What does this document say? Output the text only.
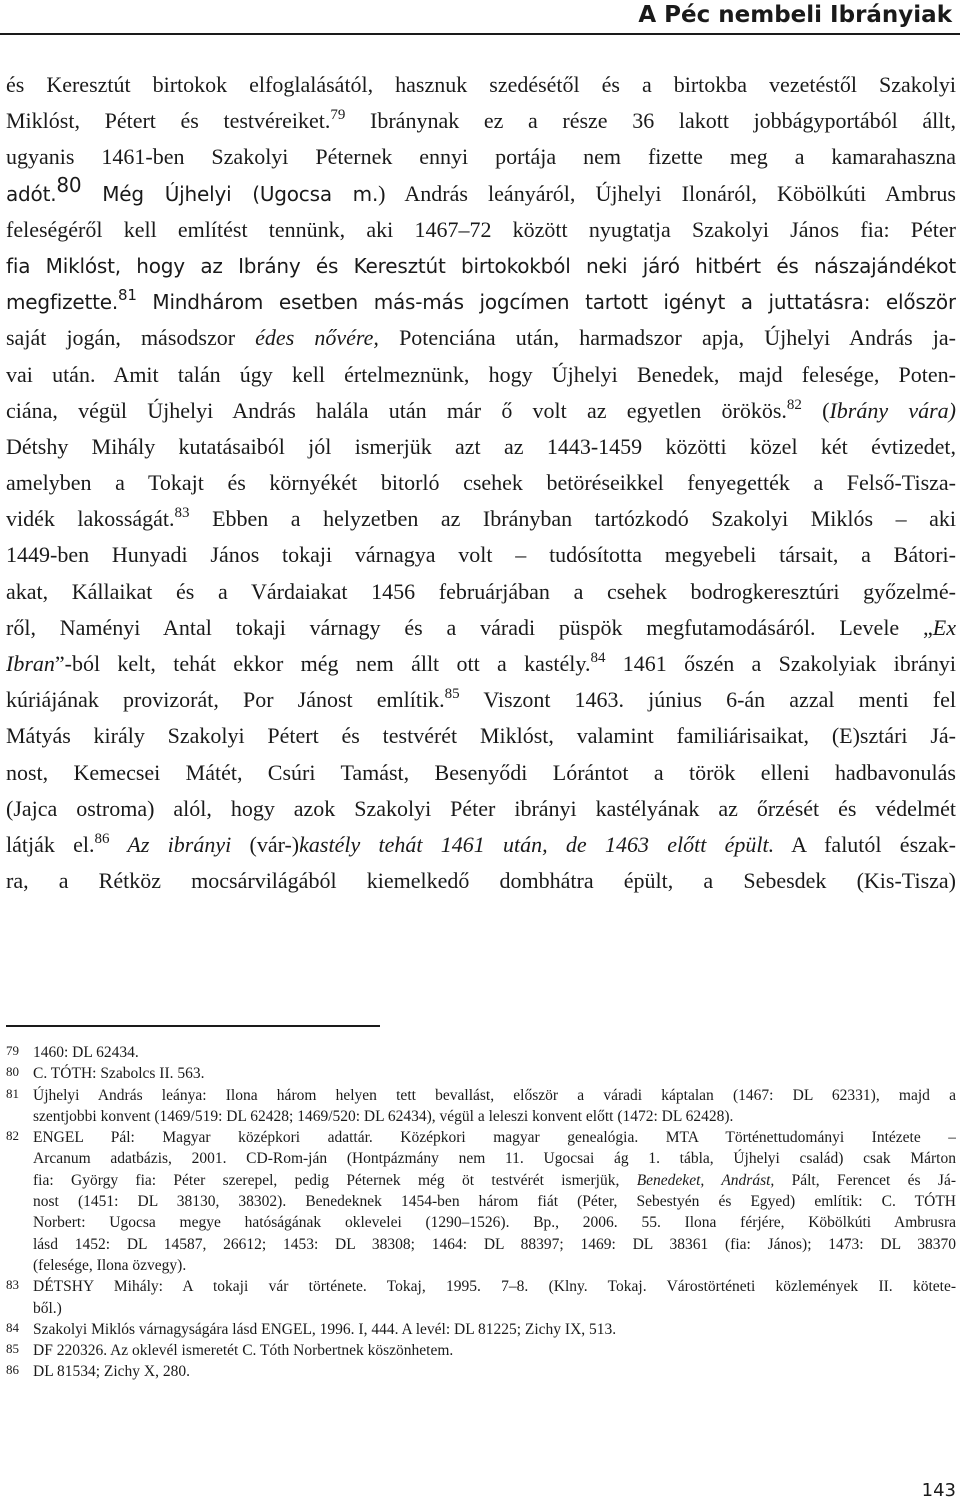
A Péc nembeli Ibrányiak
és Keresztút birtokok elfoglalásától, hasznuk szedésétől és a birtokba vezetéstől Szakolyi
Miklóst, Pétert és testvéreiket.$^{79}$ Ibránynak ez a része 36 lakott jobbágyportából állt,
ugyanis 1461-ben Szakolyi Péternek ennyi portája nem fizette meg a kamarahaszna
adót.$^{80}$ Még Újhelyi (Ugocsa m.) András leányáról, Újhelyi Ilonáról, Köbölkúti Ambrus
feleségéről kell említést tennünk, aki 1467–72 között nyugtatja Szakolyi János fia: Péter
fia Miklóst, hogy az Ibrány és Keresztút birtokokból neki járó hitbért és nászajándékot
megfizette.$^{81}$ Mindhárom esetben más-más jogcímen tartott igényt a juttatásra: először
saját jogán, másodszor édes nővére, Potenciána után, harmadszor apja, Újhelyi András ja-
vai után. Amit talán úgy kell értelmeznünk, hogy Újhelyi Benedek, majd felesége, Poten-
ciána, végül Újhelyi András halála után már ő volt az egyetlen örökös.$^{82}$ (Ibrány vára)
Détshy Mihály kutatásaiból jól ismerjük azt az 1443-1459 közötti közel két évtizedet,
amelyben a Tokajt és környékét bitorló csehek betöréseikkel fenyegették a Felső-Tisza-
vidék lakosságát.$^{83}$ Ebben a helyzetben az Ibrányban tartózkodó Szakolyi Miklós – aki
1449-ben Hunyadi János tokaji várnagya volt – tudósította megyebeli társait, a Bátori-
akat, Kállaikat és a Várdaiakat 1456 februárjában a csehek bodrogkeresztúri győzelmé-
ről, Naményi Antal tokaji várnagy és a váradi püspök megfutamodásáról. Levele „Ex
Ibran”-ból kelt, tehát ekkor még nem állt ott a kastély.$^{84}$ 1461 őszén a Szakolyiak ibrányi
kúriájának provizorát, Por Jánost említik.$^{85}$ Viszont 1463. június 6-án azzal menti fel
Mátyás király Szakolyi Pétert és testvérét Miklóst, valamint familiárisaikat, (E)sztári Já-
nost, Kemecsei Mátét, Csúri Tamást, Besenyődi Lórántot a török elleni hadbavonulás
(Jajca ostroma) alól, hogy azok Szakolyi Péter ibrányi kastélyának az őrzését és védelmét
látják el.$^{86}$ Az ibrányi (vár-)kastély tehát 1461 után, de 1463 előtt épült. A falutól észak-
ra, a Rétköz mocsárvilágából kiemelkedő dombhátra épült, a Sebesdek (Kis-Tisza)
79 1460: DL 62434.
80 C. TÓTH: Szabolcs II. 563.
81 Újhelyi András leánya: Ilona három helyen tett bevallást, először a váradi káptalan (1467: DL 62331), majd a
szentjobbi konvent (1469/519: DL 62428; 1469/520: DL 62434), végül a leleszi konvent előtt (1472: DL 62428).
82 ENGEL Pál: Magyar középkori adattár. Középkori magyar genealógia. MTA Történettudományi Intézete –
Arcanum adatbázis, 2001. CD-Rom-ján (Hontpázmány nem 11. Ugocsai ág 1. tábla, Újhelyi család) csak Márton
fia: György fia: Péter szerepel, pedig Péternek még öt testvérét ismerjük, Benedeket, Andrást, Pált, Ferencet és Já-
nost (1451: DL 38130, 38302). Benedeknek 1454-ben három fiát (Péter, Sebestyén és Egyed) említik: C. TÓTH
Norbert: Ugocsa megye hatóságának oklevelei (1290–1526). Bp., 2006. 55. Ilona férjére, Köbölkúti Ambrusra
lásd 1452: DL 14587, 26612; 1453: DL 38308; 1464: DL 88397; 1469: DL 38361 (fia: János); 1473: DL 38370
(felesége, Ilona özvegy).
83 DÉTSHY Mihály: A tokaji vár története. Tokaj, 1995. 7–8. (Klny. Tokaj. Várostörténeti közlemények II. kötete-
ből.)
84 Szakolyi Miklós várnagyságára lásd ENGEL, 1996. I, 444. A levél: DL 81225; Zichy IX, 513.
85 DF 220326. Az oklevél ismeretét C. Tóth Norbertnek köszönhetem.
86 DL 81534; Zichy X, 280.
143
